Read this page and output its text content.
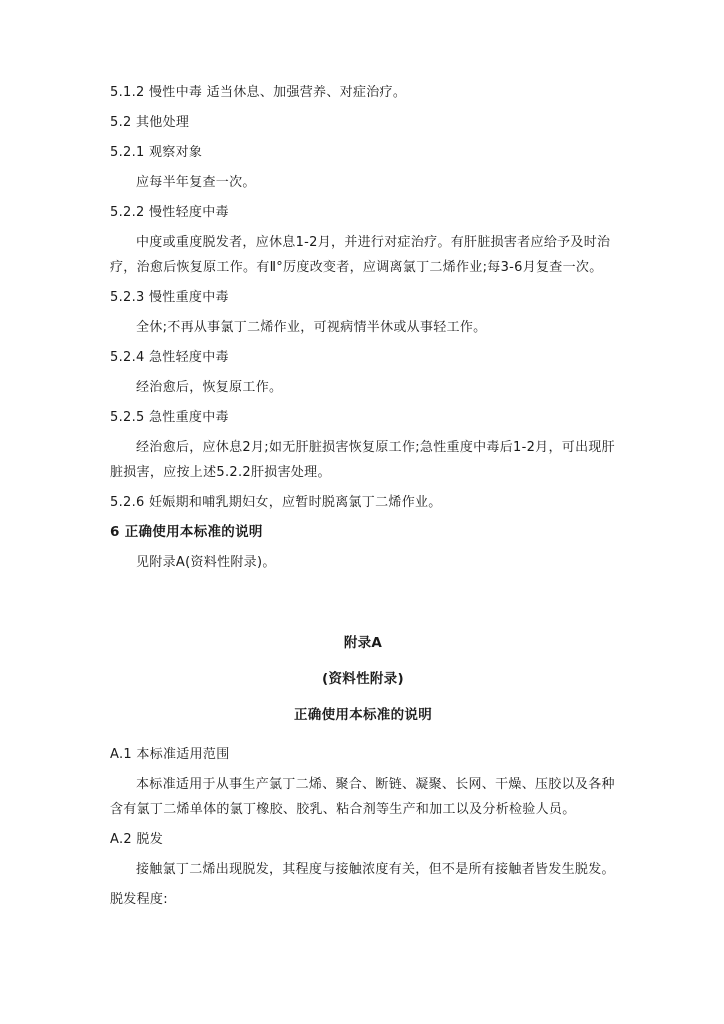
5.1.2 慢性中毒 适当休息、加强营养、对症治疗。
5.2 其他处理
5.2.1 观察对象
应每半年复查一次。
5.2.2 慢性轻度中毒
中度或重度脱发者，应休息1-2月，并进行对症治疗。有肝脏损害者应给予及时治疗，治愈后恢复原工作。有Ⅱ°厉度改变者，应调离氯丁二烯作业;每3-6月复查一次。
5.2.3 慢性重度中毒
全休;不再从事氯丁二烯作业，可视病情半休或从事轻工作。
5.2.4 急性轻度中毒
经治愈后，恢复原工作。
5.2.5 急性重度中毒
经治愈后，应休息2月;如无肝脏损害恢复原工作;急性重度中毒后1-2月，可出现肝脏损害，应按上述5.2.2肝损害处理。
5.2.6 妊娠期和哺乳期妇女，应暂时脱离氯丁二烯作业。
6 正确使用本标准的说明
见附录A(资料性附录)。
附录A
(资料性附录)
正确使用本标准的说明
A.1 本标准适用范围
本标准适用于从事生产氯丁二烯、聚合、断链、凝聚、长网、干燥、压胶以及各种含有氯丁二烯单体的氯丁橡胶、胶乳、粘合剂等生产和加工以及分析检验人员。
A.2 脱发
接触氯丁二烯出现脱发，其程度与接触浓度有关，但不是所有接触者皆发生脱发。
脱发程度:
